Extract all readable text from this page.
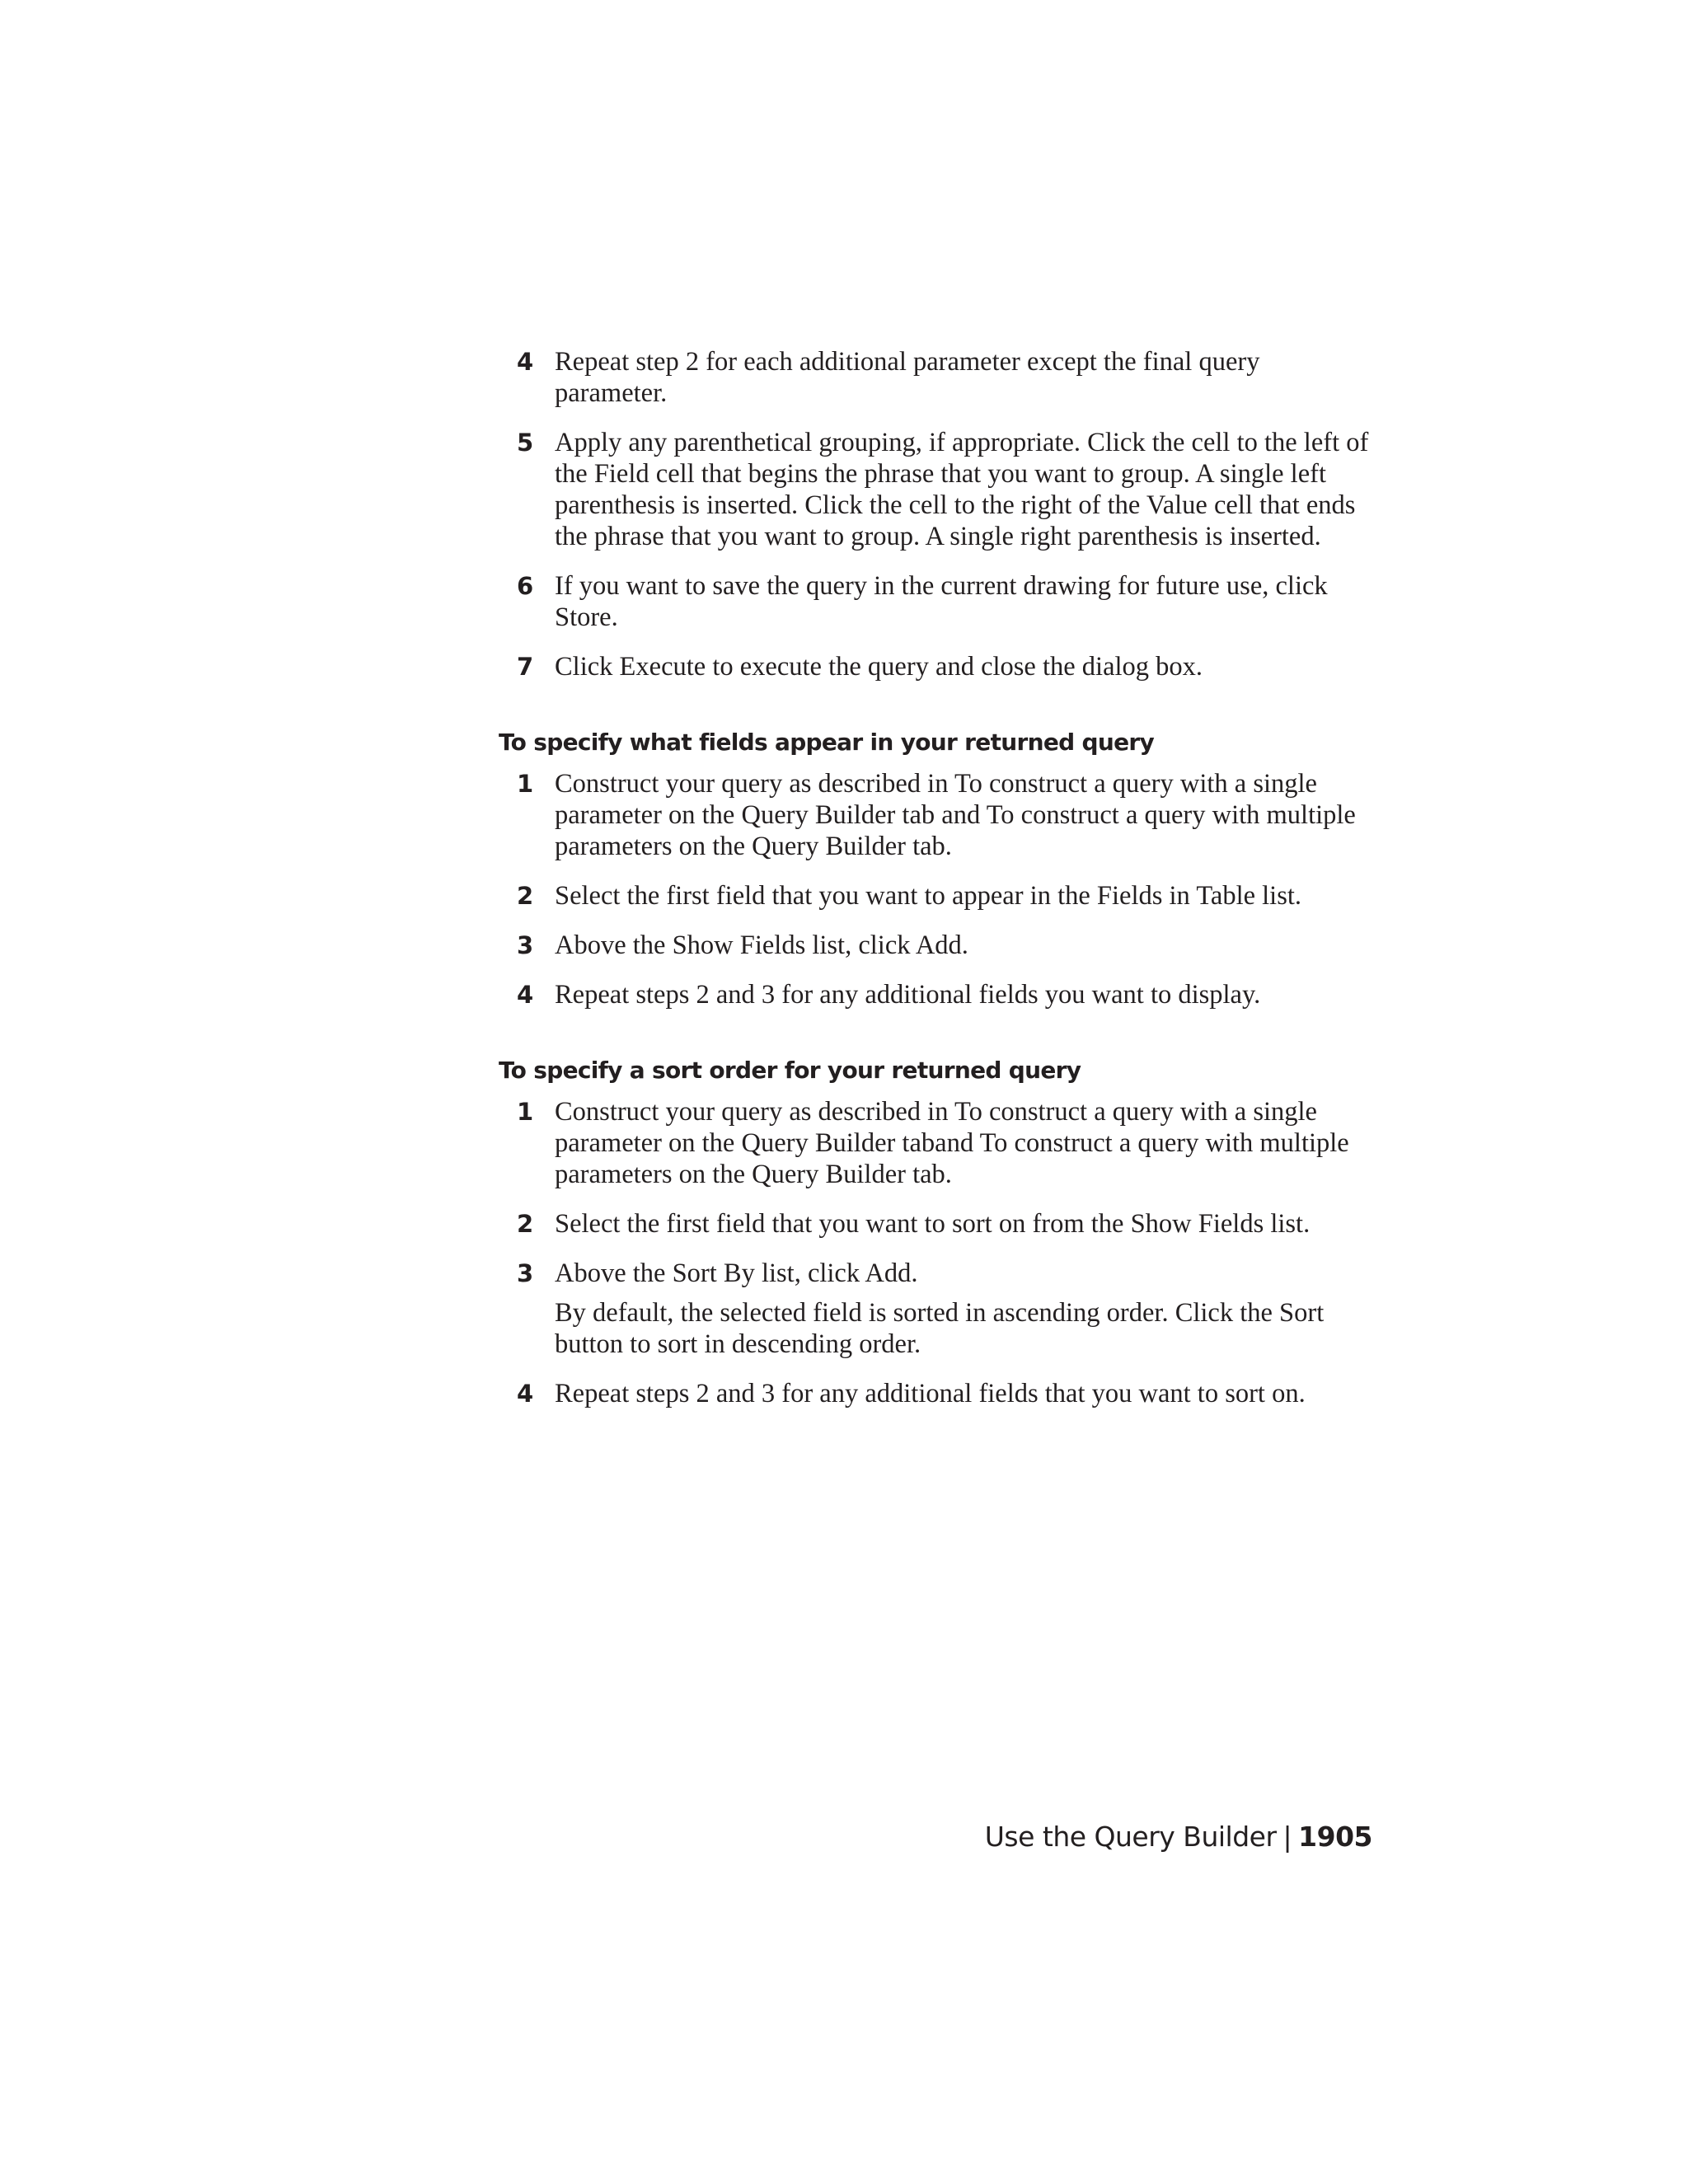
4 Repeat step 2 for each additional parameter except the final query parameter.

5 Apply any parenthetical grouping, if appropriate. Click the cell to the left of the Field cell that begins the phrase that you want to group. A single left parenthesis is inserted. Click the cell to the right of the Value cell that ends the phrase that you want to group. A single right parenthesis is inserted.

6 If you want to save the query in the current drawing for future use, click Store.

7 Click Execute to execute the query and close the dialog box.

To specify what fields appear in your returned query
1 Construct your query as described in To construct a query with a single parameter on the Query Builder tab and To construct a query with multiple parameters on the Query Builder tab.

2 Select the first field that you want to appear in the Fields in Table list.

3 Above the Show Fields list, click Add.

4 Repeat steps 2 and 3 for any additional fields you want to display.

To specify a sort order for your returned query
1 Construct your query as described in To construct a query with a single parameter on the Query Builder taband To construct a query with multiple parameters on the Query Builder tab.

2 Select the first field that you want to sort on from the Show Fields list.

3 Above the Sort By list, click Add.

By default, the selected field is sorted in ascending order. Click the Sort button to sort in descending order.

4 Repeat steps 2 and 3 for any additional fields that you want to sort on.

Use the Query Builder | 1905
